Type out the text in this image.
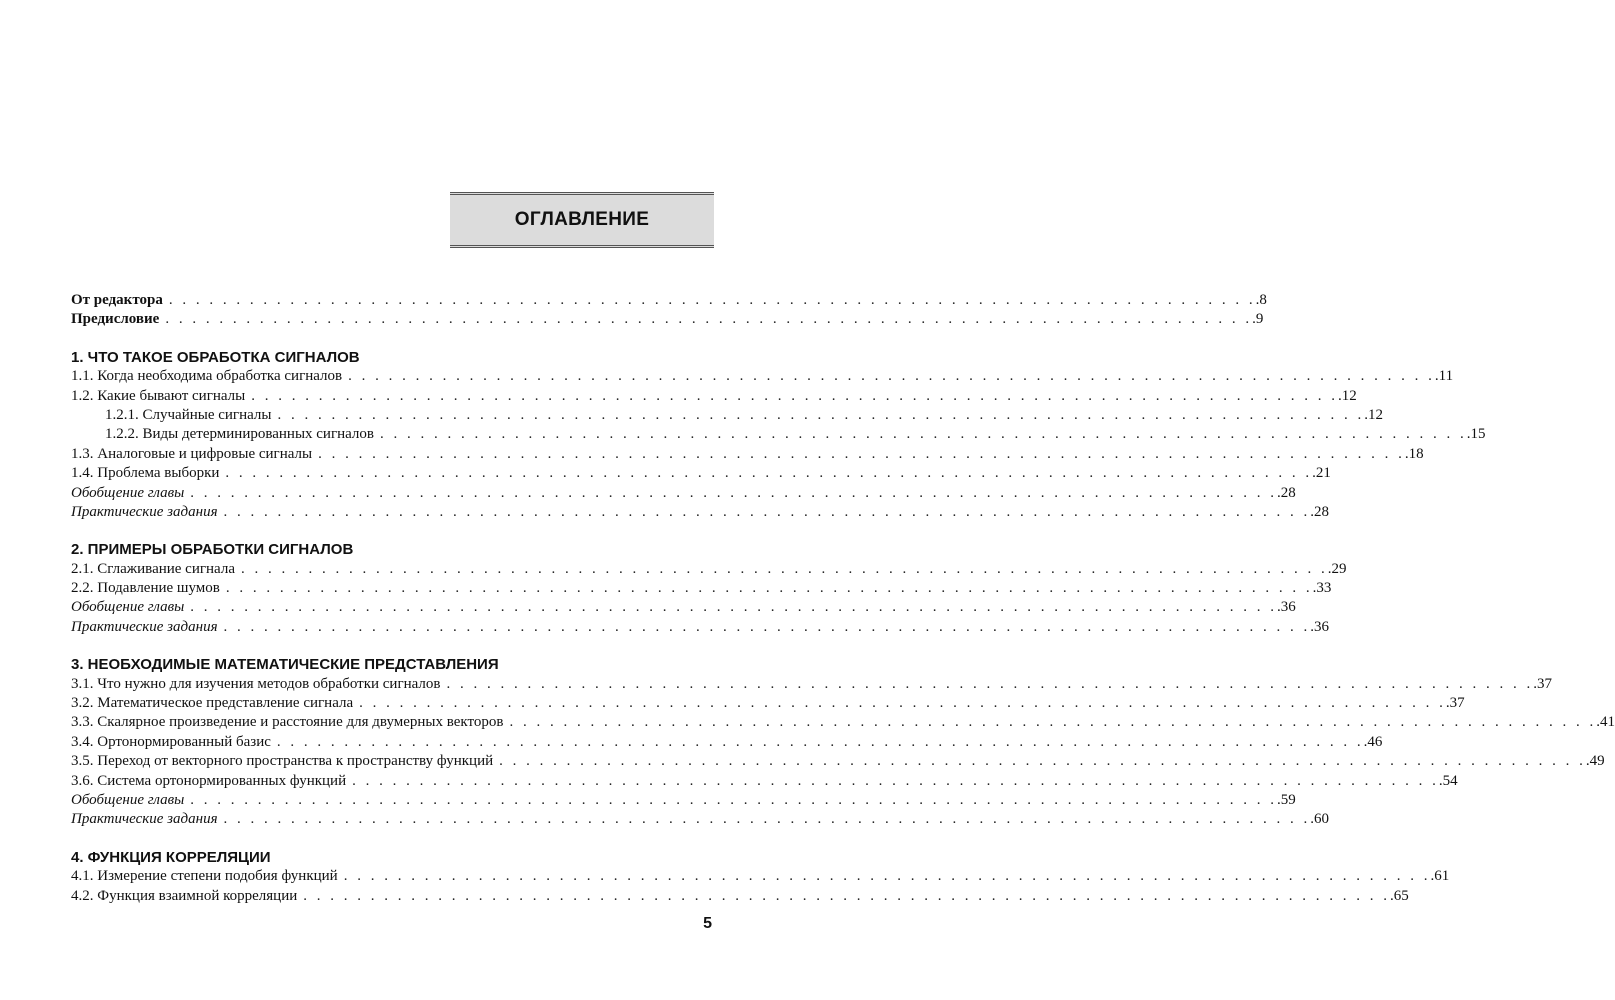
ОГЛАВЛЕНИЕ
От редактора . . . . . . . . . . . . . . . . . . . . . . . . . . . . . . . . . . . . . . . . . . . . . . . . . . . . . . . . . . . . . . . . . . . . . . . . . . . . . . . . . .8
Предисловие . . . . . . . . . . . . . . . . . . . . . . . . . . . . . . . . . . . . . . . . . . . . . . . . . . . . . . . . . . . . . . . . . . . . . . . . . . . . . . . . . .9
1. ЧТО ТАКОЕ ОБРАБОТКА СИГНАЛОВ
1.1. Когда необходима обработка сигналов . . . . . . . . . . . . . . . . . . . . . . . . . . . . . . . . . . . . . . . . . . . . . . . . . . . . . . . . . . . . . . . . . . . . . . . . . . . . . . . . . .11
1.2. Какие бывают сигналы . . . . . . . . . . . . . . . . . . . . . . . . . . . . . . . . . . . . . . . . . . . . . . . . . . . . . . . . . . . . . . . . . . . . . . . . . . . . . . . . . .12
1.2.1. Случайные сигналы . . . . . . . . . . . . . . . . . . . . . . . . . . . . . . . . . . . . . . . . . . . . . . . . . . . . . . . . . . . . . . . . . . . . . . . . . . . . . . . . . .12
1.2.2. Виды детерминированных сигналов . . . . . . . . . . . . . . . . . . . . . . . . . . . . . . . . . . . . . . . . . . . . . . . . . . . . . . . . . . . . . . . . . . . . . . . . . . . . . . . . . .15
1.3. Аналоговые и цифровые сигналы . . . . . . . . . . . . . . . . . . . . . . . . . . . . . . . . . . . . . . . . . . . . . . . . . . . . . . . . . . . . . . . . . . . . . . . . . . . . . . . . . .18
1.4. Проблема выборки . . . . . . . . . . . . . . . . . . . . . . . . . . . . . . . . . . . . . . . . . . . . . . . . . . . . . . . . . . . . . . . . . . . . . . . . . . . . . . . . . .21
Обобщение главы . . . . . . . . . . . . . . . . . . . . . . . . . . . . . . . . . . . . . . . . . . . . . . . . . . . . . . . . . . . . . . . . . . . . . . . . . . . . . . . . . .28
Практические задания . . . . . . . . . . . . . . . . . . . . . . . . . . . . . . . . . . . . . . . . . . . . . . . . . . . . . . . . . . . . . . . . . . . . . . . . . . . . . . . . . .28
2. ПРИМЕРЫ ОБРАБОТКИ СИГНАЛОВ
2.1. Сглаживание сигнала . . . . . . . . . . . . . . . . . . . . . . . . . . . . . . . . . . . . . . . . . . . . . . . . . . . . . . . . . . . . . . . . . . . . . . . . . . . . . . . . . .29
2.2. Подавление шумов . . . . . . . . . . . . . . . . . . . . . . . . . . . . . . . . . . . . . . . . . . . . . . . . . . . . . . . . . . . . . . . . . . . . . . . . . . . . . . . . . .33
Обобщение главы . . . . . . . . . . . . . . . . . . . . . . . . . . . . . . . . . . . . . . . . . . . . . . . . . . . . . . . . . . . . . . . . . . . . . . . . . . . . . . . . . .36
Практические задания . . . . . . . . . . . . . . . . . . . . . . . . . . . . . . . . . . . . . . . . . . . . . . . . . . . . . . . . . . . . . . . . . . . . . . . . . . . . . . . . . .36
3. НЕОБХОДИМЫЕ МАТЕМАТИЧЕСКИЕ ПРЕДСТАВЛЕНИЯ
3.1. Что нужно для изучения методов обработки сигналов . . . . . . . . . . . . . . . . . . . . . . . . . . . . . . . . . . . . . . . . . . . . . . . . . . . . . . . . . . . . . . . . . . . . . . . . . . . . . . . . . .37
3.2. Математическое представление сигнала . . . . . . . . . . . . . . . . . . . . . . . . . . . . . . . . . . . . . . . . . . . . . . . . . . . . . . . . . . . . . . . . . . . . . . . . . . . . . . . . . .37
3.3. Скалярное произведение и расстояние для двумерных векторов . . . . . . . . . . . . . . . . . . . . . . . . . . . . . . . . . . . . . . . . . . . . . . . . . . . . . . . . . . . . . . . . . . . . . . . . . . . . . . . . . .41
3.4. Ортонормированный базис . . . . . . . . . . . . . . . . . . . . . . . . . . . . . . . . . . . . . . . . . . . . . . . . . . . . . . . . . . . . . . . . . . . . . . . . . . . . . . . . . .46
3.5. Переход от векторного пространства к пространству функций . . . . . . . . . . . . . . . . . . . . . . . . . . . . . . . . . . . . . . . . . . . . . . . . . . . . . . . . . . . . . . . . . . . . . . . . . . . . . . . . . .49
3.6. Система ортонормированных функций . . . . . . . . . . . . . . . . . . . . . . . . . . . . . . . . . . . . . . . . . . . . . . . . . . . . . . . . . . . . . . . . . . . . . . . . . . . . . . . . . .54
Обобщение главы . . . . . . . . . . . . . . . . . . . . . . . . . . . . . . . . . . . . . . . . . . . . . . . . . . . . . . . . . . . . . . . . . . . . . . . . . . . . . . . . . .59
Практические задания . . . . . . . . . . . . . . . . . . . . . . . . . . . . . . . . . . . . . . . . . . . . . . . . . . . . . . . . . . . . . . . . . . . . . . . . . . . . . . . . . .60
4. ФУНКЦИЯ КОРРЕЛЯЦИИ
4.1. Измерение степени подобия функций . . . . . . . . . . . . . . . . . . . . . . . . . . . . . . . . . . . . . . . . . . . . . . . . . . . . . . . . . . . . . . . . . . . . . . . . . . . . . . . . . .61
4.2. Функция взаимной корреляции . . . . . . . . . . . . . . . . . . . . . . . . . . . . . . . . . . . . . . . . . . . . . . . . . . . . . . . . . . . . . . . . . . . . . . . . . . . . . . . . . .65
5
